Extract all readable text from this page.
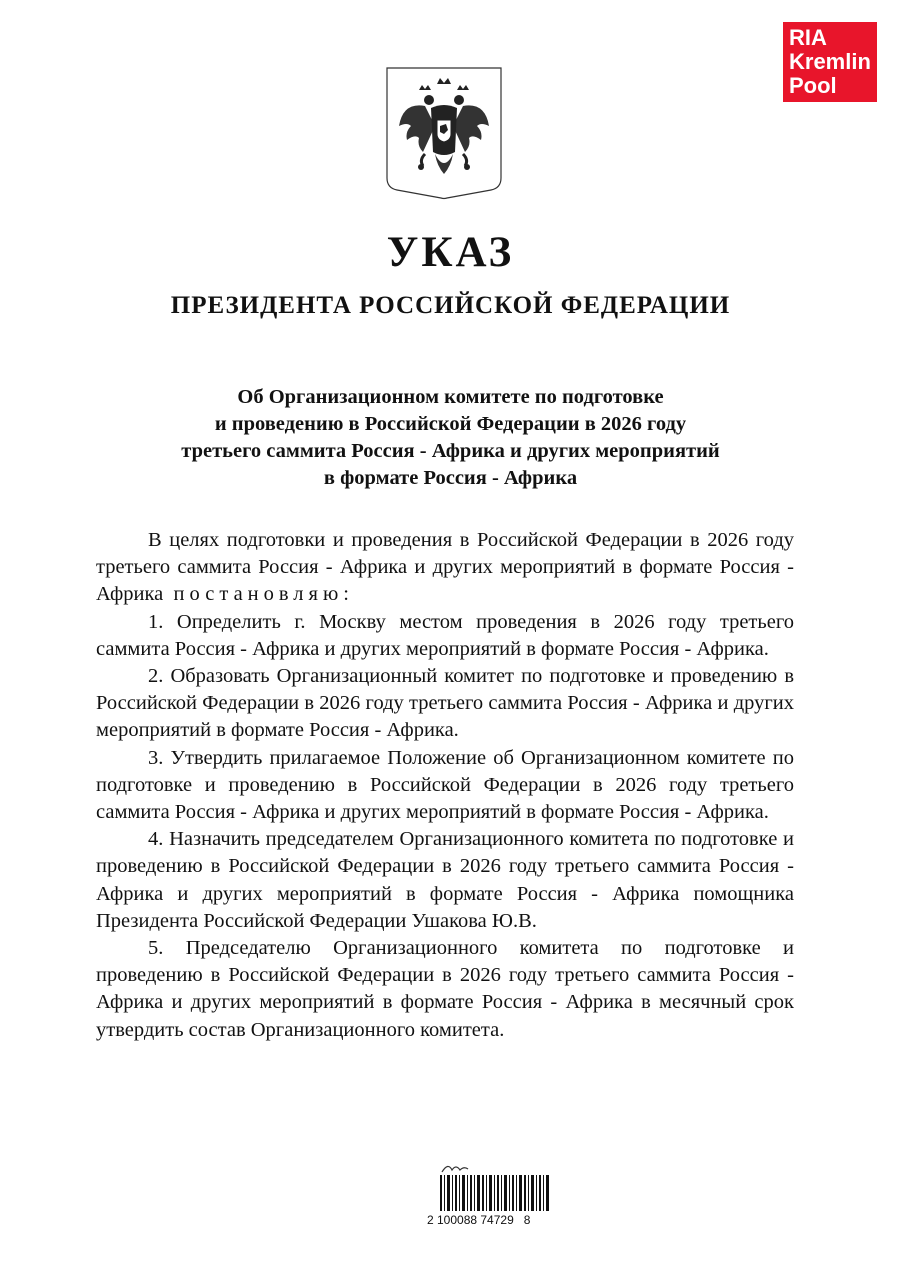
RIA
Kremlin
Pool
УКАЗ
ПРЕЗИДЕНТА РОССИЙСКОЙ ФЕДЕРАЦИИ
Об Организационном комитете по подготовке
и проведению в Российской Федерации в 2026 году
третьего саммита Россия - Африка и других мероприятий
в формате Россия - Африка

В целях подготовки и проведения в Российской Федерации в 2026 году третьего саммита Россия - Африка и других мероприятий в формате Россия - Африка постановляю:

1. Определить г. Москву местом проведения в 2026 году третьего саммита Россия - Африка и других мероприятий в формате Россия - Африка.

2. Образовать Организационный комитет по подготовке и проведению в Российской Федерации в 2026 году третьего саммита Россия - Африка и других мероприятий в формате Россия - Африка.

3. Утвердить прилагаемое Положение об Организационном комитете по подготовке и проведению в Российской Федерации в 2026 году третьего саммита Россия - Африка и других мероприятий в формате Россия - Африка.

4. Назначить председателем Организационного комитета по подготовке и проведению в Российской Федерации в 2026 году третьего саммита Россия - Африка и других мероприятий в формате Россия - Африка помощника Президента Российской Федерации Ушакова Ю.В.

5. Председателю Организационного комитета по подготовке и проведению в Российской Федерации в 2026 году третьего саммита Россия - Африка и других мероприятий в формате Россия - Африка в месячный срок утвердить состав Организационного комитета.

2 100088 74729   8
